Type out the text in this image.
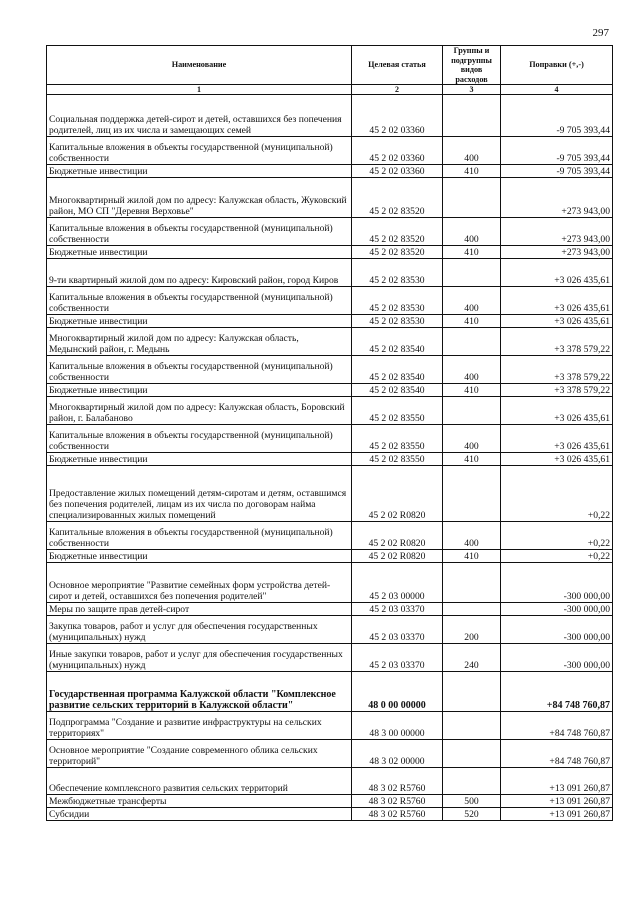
297
Наименование	Целевая статья	Группы и подгруппы видов расходов	Поправки (+,-)
1	2	3	4
Социальная поддержка детей-сирот и детей, оставшихся без попечения родителей, лиц из их числа и замещающих семей	45 2 02 03360		-9 705 393,44
Капитальные вложения в объекты государственной (муниципальной) собственности	45 2 02 03360	400	-9 705 393,44
Бюджетные инвестиции	45 2 02 03360	410	-9 705 393,44
Многоквартирный жилой дом по адресу: Калужская область, Жуковский район, МО СП "Деревня Верховье"	45 2 02 83520		+273 943,00
Капитальные вложения в объекты государственной (муниципальной) собственности	45 2 02 83520	400	+273 943,00
Бюджетные инвестиции	45 2 02 83520	410	+273 943,00
9-ти квартирный жилой дом по адресу: Кировский район, город Киров	45 2 02 83530		+3 026 435,61
Капитальные вложения в объекты государственной (муниципальной) собственности	45 2 02 83530	400	+3 026 435,61
Бюджетные инвестиции	45 2 02 83530	410	+3 026 435,61
Многоквартирный жилой дом по адресу: Калужская область, Медынский район, г. Медынь	45 2 02 83540		+3 378 579,22
Капитальные вложения в объекты государственной (муниципальной) собственности	45 2 02 83540	400	+3 378 579,22
Бюджетные инвестиции	45 2 02 83540	410	+3 378 579,22
Многоквартирный жилой дом по адресу: Калужская область, Боровский район, г. Балабаново	45 2 02 83550		+3 026 435,61
Капитальные вложения в объекты государственной (муниципальной) собственности	45 2 02 83550	400	+3 026 435,61
Бюджетные инвестиции	45 2 02 83550	410	+3 026 435,61
Предоставление жилых помещений детям-сиротам и детям, оставшимся без попечения родителей, лицам из их числа по договорам найма специализированных жилых помещений	45 2 02 R0820		+0,22
Капитальные вложения в объекты государственной (муниципальной) собственности	45 2 02 R0820	400	+0,22
Бюджетные инвестиции	45 2 02 R0820	410	+0,22
Основное мероприятие "Развитие семейных форм устройства детей-сирот и детей, оставшихся без попечения родителей"	45 2 03 00000		-300 000,00
Меры по защите прав детей-сирот	45 2 03 03370		-300 000,00
Закупка товаров, работ и услуг для обеспечения государственных (муниципальных) нужд	45 2 03 03370	200	-300 000,00
Иные закупки товаров, работ и услуг для обеспечения государственных (муниципальных) нужд	45 2 03 03370	240	-300 000,00
Государственная программа Калужской области "Комплексное развитие сельских территорий в Калужской области"	48 0 00 00000		+84 748 760,87
Подпрограмма "Создание и развитие инфраструктуры на сельских территориях"	48 3 00 00000		+84 748 760,87
Основное мероприятие "Создание современного облика сельских территорий"	48 3 02 00000		+84 748 760,87
Обеспечение комплексного развития сельских территорий	48 3 02 R5760		+13 091 260,87
Межбюджетные трансферты	48 3 02 R5760	500	+13 091 260,87
Субсидии	48 3 02 R5760	520	+13 091 260,87
